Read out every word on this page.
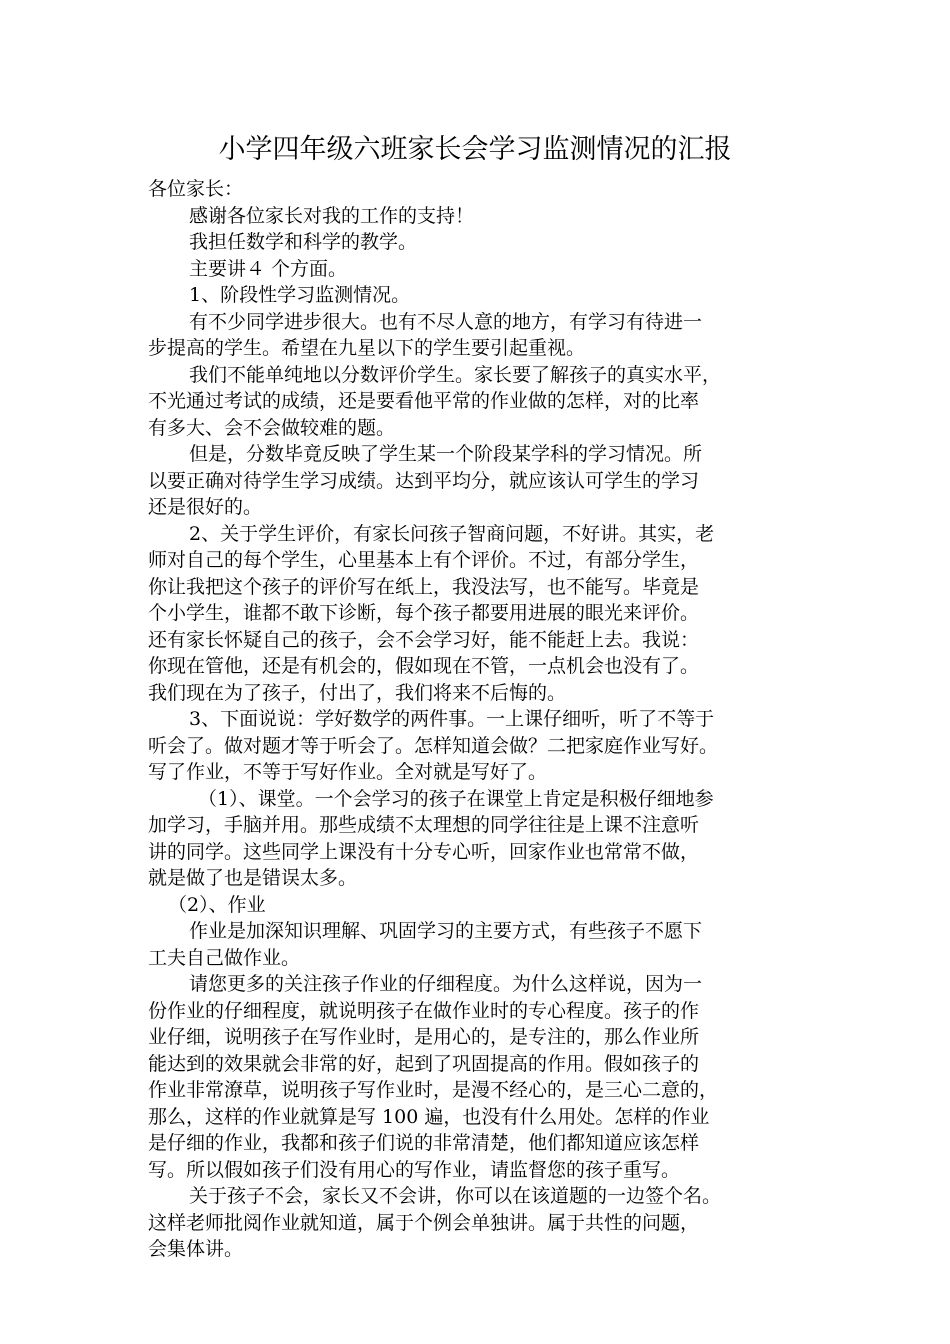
小学四年级六班家长会学习监测情况的汇报

各位家长：

感谢各位家长对我的工作的支持！

我担任数学和科学的教学。

主要讲４ 个方面。

1、阶段性学习监测情况。

有不少同学进步很大。也有不尽人意的地方，有学习有待进一

步提高的学生。希望在九星以下的学生要引起重视。

我们不能单纯地以分数评价学生。家长要了解孩子的真实水平，

不光通过考试的成绩，还是要看他平常的作业做的怎样，对的比率

有多大、会不会做较难的题。

但是，分数毕竟反映了学生某一个阶段某学科的学习情况。所

以要正确对待学生学习成绩。达到平均分，就应该认可学生的学习

还是很好的。

2、关于学生评价，有家长问孩子智商问题，不好讲。其实，老

师对自己的每个学生，心里基本上有个评价。不过，有部分学生，

你让我把这个孩子的评价写在纸上，我没法写，也不能写。毕竟是

个小学生，谁都不敢下诊断，每个孩子都要用进展的眼光来评价。

还有家长怀疑自己的孩子，会不会学习好，能不能赶上去。我说：

你现在管他，还是有机会的，假如现在不管，一点机会也没有了。

我们现在为了孩子，付出了，我们将来不后悔的。

3、下面说说：学好数学的两件事。一上课仔细听，听了不等于

听会了。做对题才等于听会了。怎样知道会做？二把家庭作业写好。

写了作业，不等于写好作业。全对就是写好了。

（1）、课堂。一个会学习的孩子在课堂上肯定是积极仔细地参

加学习，手脑并用。那些成绩不太理想的同学往往是上课不注意听

讲的同学。这些同学上课没有十分专心听，回家作业也常常不做，

就是做了也是错误太多。

（2）、作业

作业是加深知识理解、巩固学习的主要方式，有些孩子不愿下

工夫自己做作业。

请您更多的关注孩子作业的仔细程度。为什么这样说，因为一

份作业的仔细程度，就说明孩子在做作业时的专心程度。孩子的作

业仔细，说明孩子在写作业时，是用心的，是专注的，那么作业所

能达到的效果就会非常的好，起到了巩固提高的作用。假如孩子的

作业非常潦草，说明孩子写作业时，是漫不经心的，是三心二意的，

那么，这样的作业就算是写 100 遍，也没有什么用处。怎样的作业

是仔细的作业，我都和孩子们说的非常清楚，他们都知道应该怎样

写。所以假如孩子们没有用心的写作业，请监督您的孩子重写。

关于孩子不会，家长又不会讲，你可以在该道题的一边签个名。

这样老师批阅作业就知道，属于个例会单独讲。属于共性的问题，

会集体讲。
